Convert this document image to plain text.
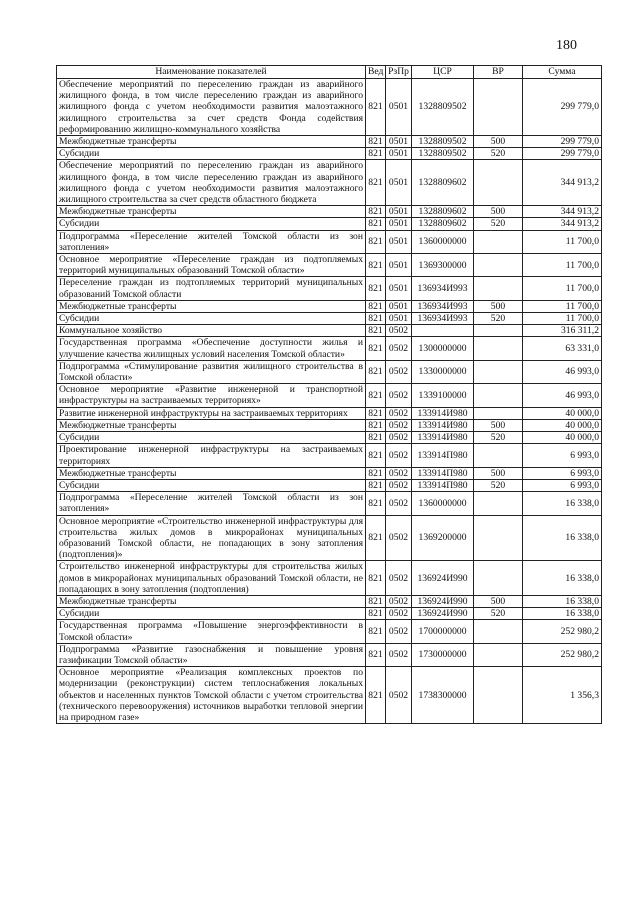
180
Наименование показателей	Вед	РзПр	ЦСР	ВР	Сумма
Обеспечение мероприятий по переселению граждан из аварийного жилищного фонда, в том числе переселению граждан из аварийного жилищного фонда с учетом необходимости развития малоэтажного жилищного строительства за счет средств Фонда содействия реформированию жилищно-коммунального хозяйства	821	0501	1328809502		299 779,0
Межбюджетные трансферты	821	0501	1328809502	500	299 779,0
Субсидии	821	0501	1328809502	520	299 779,0
Обеспечение мероприятий по переселению граждан из аварийного жилищного фонда, в том числе переселению граждан из аварийного жилищного фонда с учетом необходимости развития малоэтажного жилищного строительства за счет средств областного бюджета	821	0501	1328809602		344 913,2
Межбюджетные трансферты	821	0501	1328809602	500	344 913,2
Субсидии	821	0501	1328809602	520	344 913,2
Подпрограмма «Переселение жителей Томской области из зон затопления»	821	0501	1360000000		11 700,0
Основное мероприятие «Переселение граждан из подтопляемых территорий муниципальных образований Томской области»	821	0501	1369300000		11 700,0
Переселение граждан из подтопляемых территорий муниципальных образований Томской области	821	0501	136934И993		11 700,0
Межбюджетные трансферты	821	0501	136934И993	500	11 700,0
Субсидии	821	0501	136934И993	520	11 700,0
Коммунальное хозяйство	821	0502			316 311,2
Государственная программа «Обеспечение доступности жилья и улучшение качества жилищных условий населения Томской области»	821	0502	1300000000		63 331,0
Подпрограмма «Стимулирование развития жилищного строительства в Томской области»	821	0502	1330000000		46 993,0
Основное мероприятие «Развитие инженерной и транспортной инфраструктуры на застраиваемых территориях»	821	0502	1339100000		46 993,0
Развитие инженерной инфраструктуры на застраиваемых территориях	821	0502	133914И980		40 000,0
Межбюджетные трансферты	821	0502	133914И980	500	40 000,0
Субсидии	821	0502	133914И980	520	40 000,0
Проектирование инженерной инфраструктуры на застраиваемых территориях	821	0502	133914П980		6 993,0
Межбюджетные трансферты	821	0502	133914П980	500	6 993,0
Субсидии	821	0502	133914П980	520	6 993,0
Подпрограмма «Переселение жителей Томской области из зон затопления»	821	0502	1360000000		16 338,0
Основное мероприятие «Строительство инженерной инфраструктуры для строительства жилых домов в микрорайонах муниципальных образований Томской области, не попадающих в зону затопления (подтопления)»	821	0502	1369200000		16 338,0
Строительство инженерной инфраструктуры для строительства жилых домов в микрорайонах муниципальных образований Томской области, не попадающих в зону затопления (подтопления)	821	0502	136924И990		16 338,0
Межбюджетные трансферты	821	0502	136924И990	500	16 338,0
Субсидии	821	0502	136924И990	520	16 338,0
Государственная программа «Повышение энергоэффективности в Томской области»	821	0502	1700000000		252 980,2
Подпрограмма «Развитие газоснабжения и повышение уровня газификации Томской области»	821	0502	1730000000		252 980,2
Основное мероприятие «Реализация комплексных проектов по модернизации (реконструкции) систем теплоснабжения локальных объектов и населенных пунктов Томской области с учетом строительства (технического перевооружения) источников выработки тепловой энергии на природном газе»	821	0502	1738300000		1 356,3
